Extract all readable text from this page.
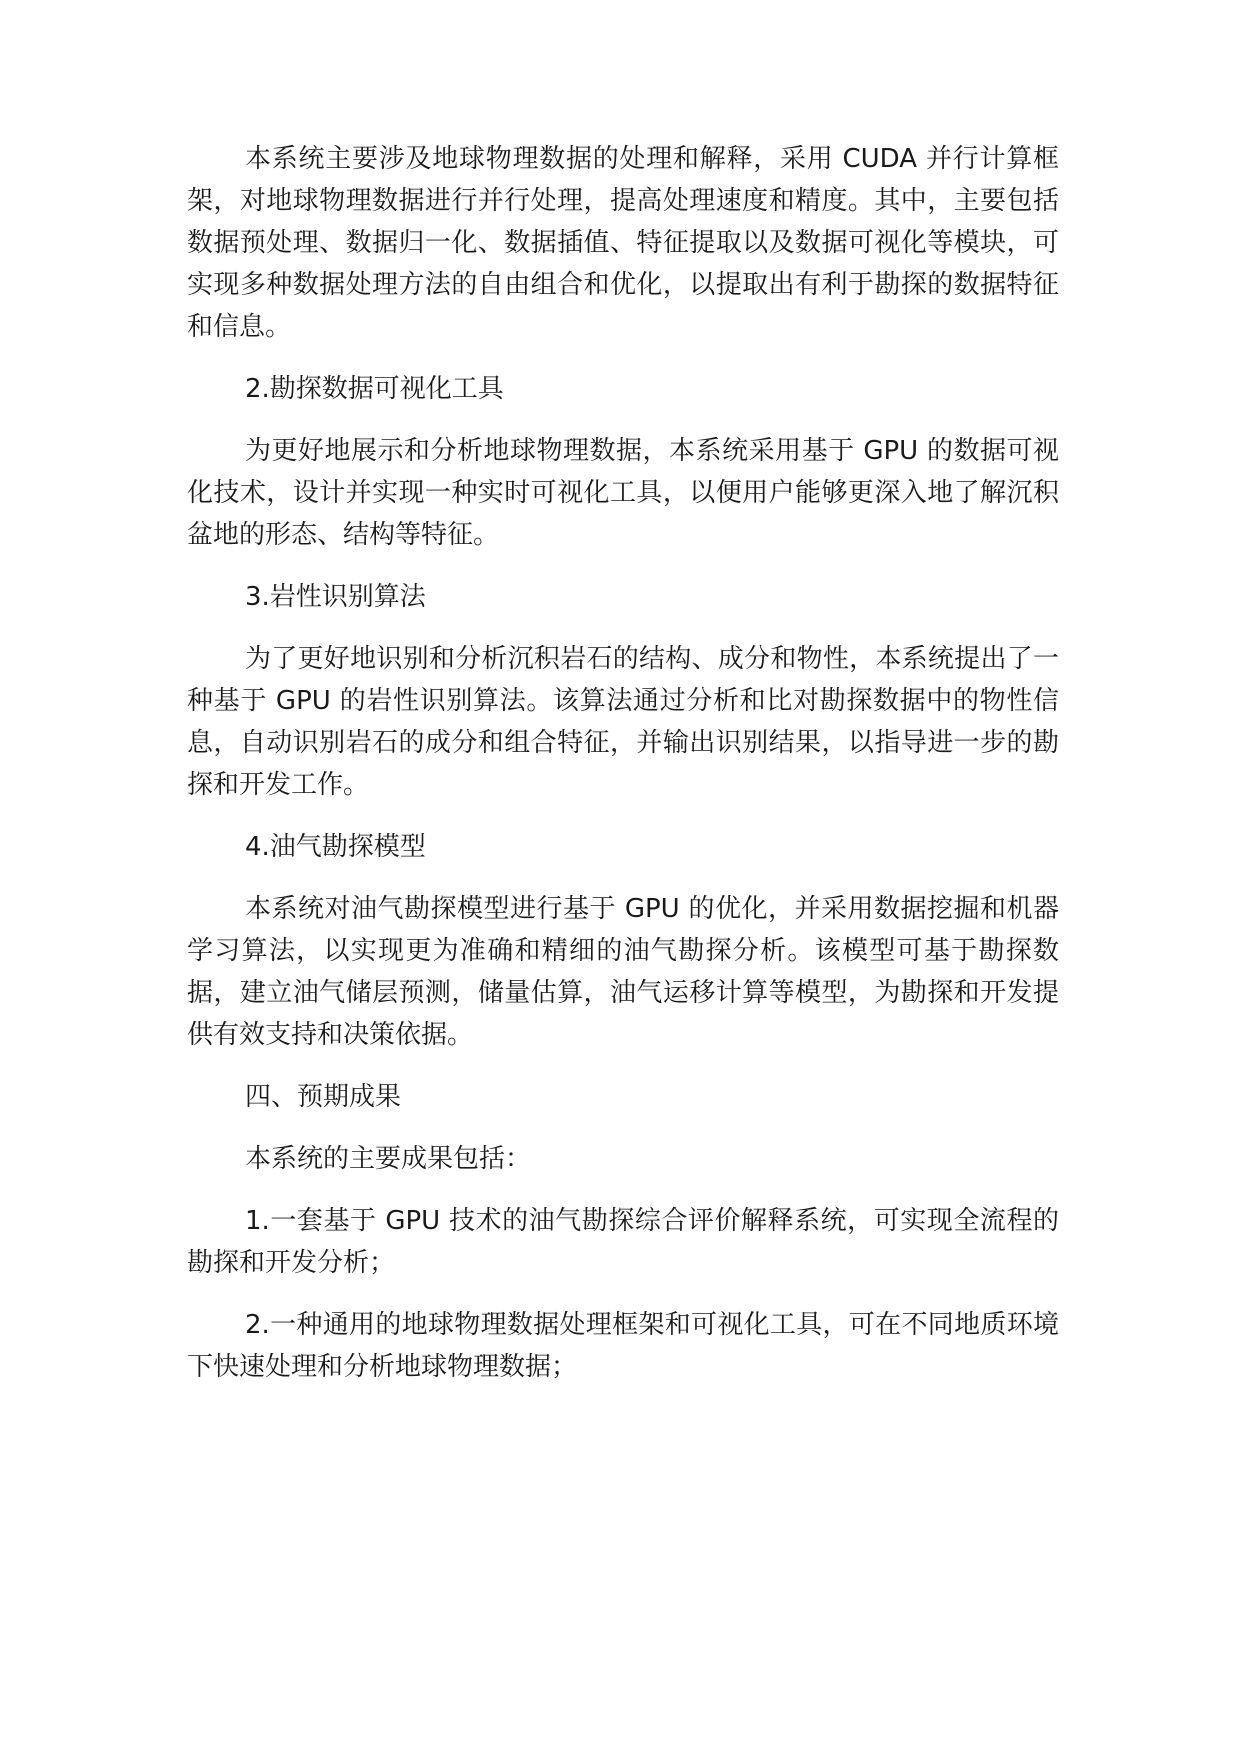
本系统主要涉及地球物理数据的处理和解释，采用 CUDA 并行计算框架，对地球物理数据进行并行处理，提高处理速度和精度。其中，主要包括数据预处理、数据归一化、数据插值、特征提取以及数据可视化等模块，可实现多种数据处理方法的自由组合和优化，以提取出有利于勘探的数据特征和信息。

2.勘探数据可视化工具

为更好地展示和分析地球物理数据，本系统采用基于 GPU 的数据可视化技术，设计并实现一种实时可视化工具，以便用户能够更深入地了解沉积盆地的形态、结构等特征。

3.岩性识别算法

为了更好地识别和分析沉积岩石的结构、成分和物性，本系统提出了一种基于 GPU 的岩性识别算法。该算法通过分析和比对勘探数据中的物性信息，自动识别岩石的成分和组合特征，并输出识别结果，以指导进一步的勘探和开发工作。

4.油气勘探模型

本系统对油气勘探模型进行基于 GPU 的优化，并采用数据挖掘和机器学习算法，以实现更为准确和精细的油气勘探分析。该模型可基于勘探数据，建立油气储层预测，储量估算，油气运移计算等模型，为勘探和开发提供有效支持和决策依据。

四、预期成果

本系统的主要成果包括：

1.一套基于 GPU 技术的油气勘探综合评价解释系统，可实现全流程的勘探和开发分析；

2.一种通用的地球物理数据处理框架和可视化工具，可在不同地质环境下快速处理和分析地球物理数据；
